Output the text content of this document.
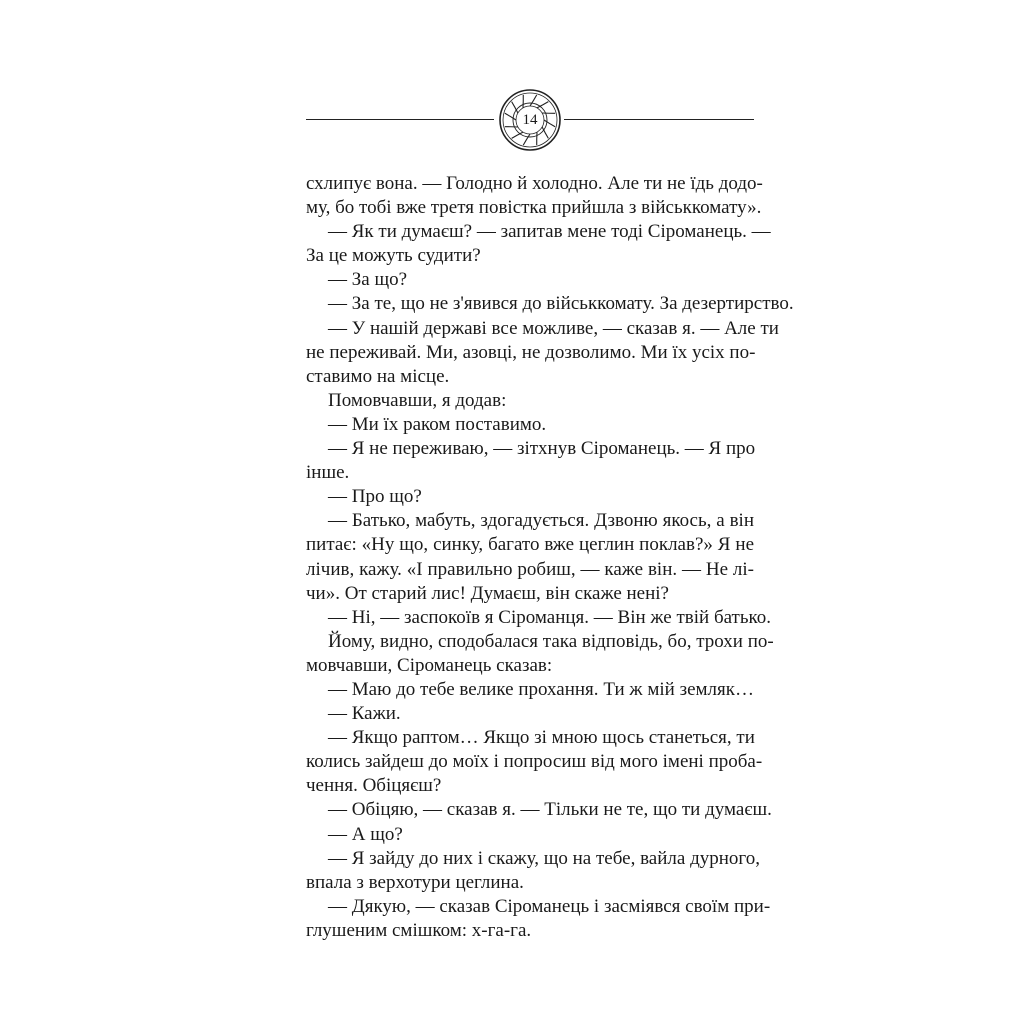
14
схлипує вона. — Голодно й холодно. Але ти не їдь додо-
му, бо тобі вже третя повістка прийшла з військкомату».
— Як ти думаєш? — запитав мене тоді Сіроманець. —
За це можуть судити?
— За що?
— За те, що не з'явився до військкомату. За дезертирство.
— У нашій державі все можливе, — сказав я. — Але ти
не переживай. Ми, азовці, не дозволимо. Ми їх усіх по-
ставимо на місце.
Помовчавши, я додав:
— Ми їх раком поставимо.
— Я не переживаю, — зітхнув Сіроманець. — Я про
інше.
— Про що?
— Батько, мабуть, здогадується. Дзвоню якось, а він
питає: «Ну що, синку, багато вже цеглин поклав?» Я не
лічив, кажу. «І правильно робиш, — каже він. — Не лі-
чи». От старий лис! Думаєш, він скаже нені?
— Ні, — заспокоїв я Сіроманця. — Він же твій батько.
Йому, видно, сподобалася така відповідь, бо, трохи по-
мовчавши, Сіроманець сказав:
— Маю до тебе велике прохання. Ти ж мій земляк…
— Кажи.
— Якщо раптом… Якщо зі мною щось станеться, ти
колись зайдеш до моїх і попросиш від мого імені проба-
чення. Обіцяєш?
— Обіцяю, — сказав я. — Тільки не те, що ти думаєш.
— А що?
— Я зайду до них і скажу, що на тебе, вайла дурного,
впала з верхотури цеглина.
— Дякую, — сказав Сіроманець і засміявся своїм при-
глушеним смішком: х-га-га.
